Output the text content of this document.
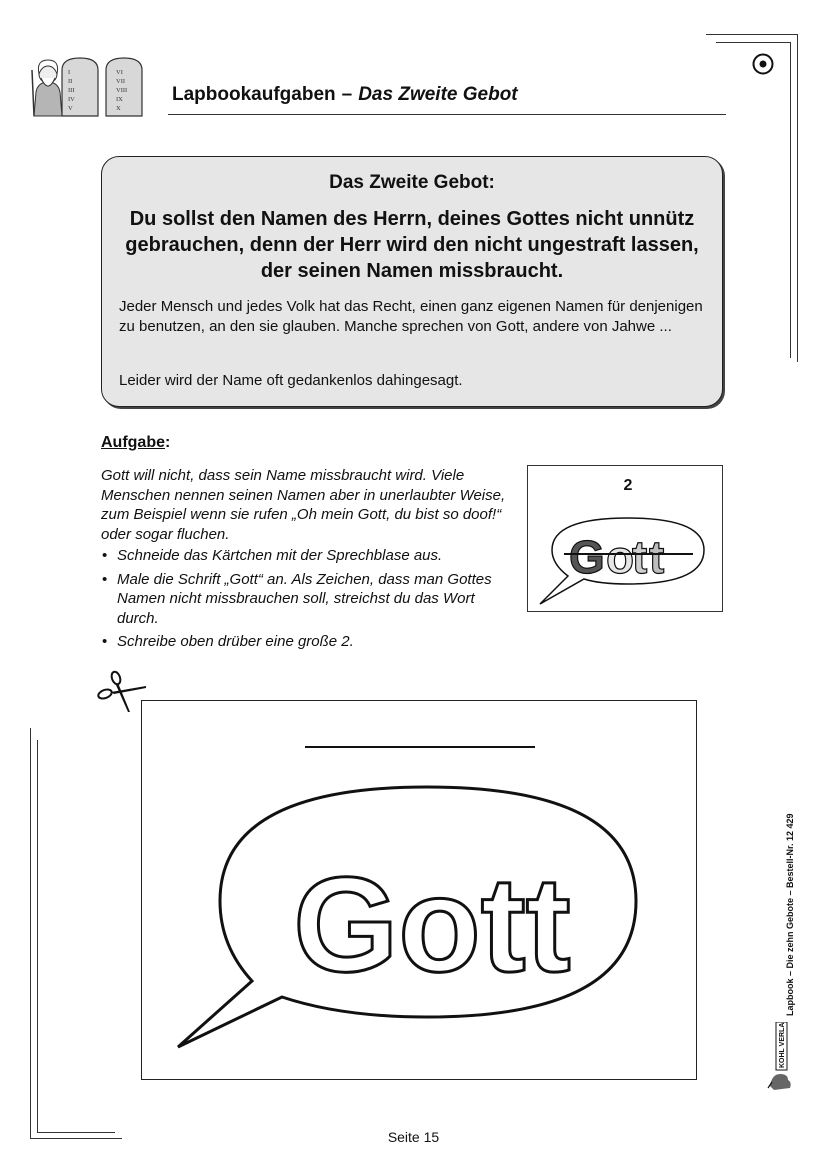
I
II
III
IV
V
VI
VII
VIII
IX
X
Lapbookaufgaben – Das Zweite Gebot
Das Zweite Gebot:
Du sollst den Namen des Herrn, deines Gottes nicht unnütz gebrauchen, denn der Herr wird den nicht ungestraft lassen, der seinen Namen missbraucht.
Jeder Mensch und jedes Volk hat das Recht, einen ganz eigenen Namen für denjenigen zu benutzen, an den sie glauben. Manche sprechen von Gott, andere von Jahwe ...
Leider wird der Name oft gedankenlos dahingesagt.
Aufgabe:
Gott will nicht, dass sein Name missbraucht wird. Viele Menschen nennen seinen Namen aber in unerlaubter Weise, zum Beispiel wenn sie rufen „Oh mein Gott, du bist so doof!“ oder sogar fluchen.
• Schneide das Kärtchen mit der Sprechblase aus.
• Male die Schrift „Gott“ an. Als Zeichen, dass man Gottes Namen nicht missbrauchen soll, streichst du das Wort durch.
• Schreibe oben drüber eine große 2.
2
G o
t t
Gott	Lapbook – Die zehn Gebote – Bestell-Nr. 12 429
KOHL VERLAG
Seite 15
